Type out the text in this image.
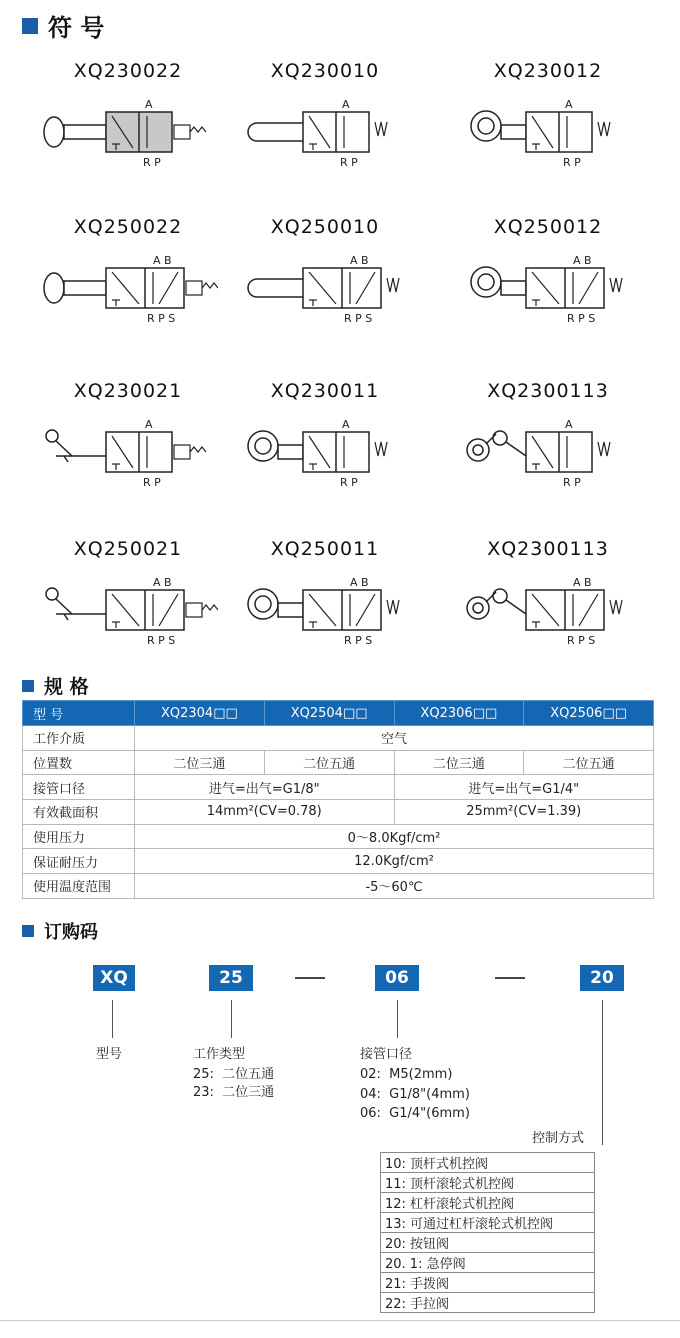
符 号
XQ230022
A
R P
XQ230010
A
R P
XQ230012
A
R P
XQ250022
A B
R P S
XQ250010
A B
R P S
XQ250012
A B
R P S
XQ230021
A
R P
XQ230011
A
R P
XQ2300113
A
R P
XQ250021
A B
R P S
XQ250011
A B
R P S
XQ2300113
A B
R P S
规 格
型 号	XQ2304□□	XQ2504□□	XQ2306□□	XQ2506□□
工作介质	空气			
位置数	二位三通	二位五通	二位三通	二位五通
接管口径	进气=出气=G1/8"		进气=出气=G1/4"	
有效截面积	14mm²(CV=0.78)		25mm²(CV=1.39)	
使用压力	0～8.0Kgf/cm²			
保证耐压力	12.0Kgf/cm²			
使用温度范围	-5～60℃			
订购码
XQ	25	06	20
型号	工作类型
25:  二位五通
23:  二位三通
接管口径
02:  M5(2mm)
04:  G1/8"(4mm)
06:  G1/4"(6mm)
控制方式
10: 顶杆式机控阀
11: 顶杆滚轮式机控阀
12: 杠杆滚轮式机控阀
13: 可通过杠杆滚轮式机控阀
20: 按钮阀
20. 1: 急停阀
21: 手拨阀
22: 手拉阀
